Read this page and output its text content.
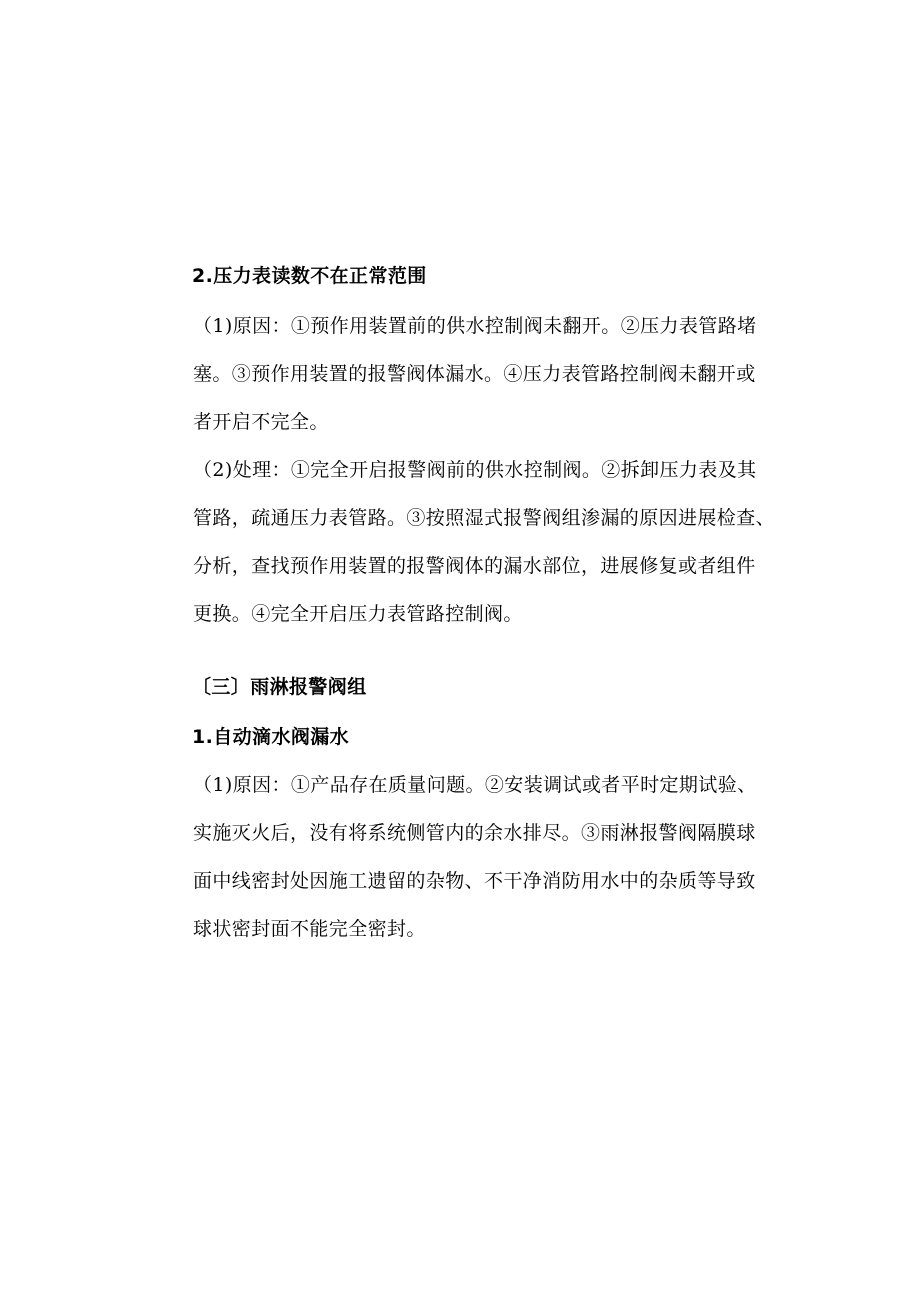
2.压力表读数不在正常范围

（1)原因：①预作用装置前的供水控制阀未翻开。②压力表管路堵
塞。③预作用装置的报警阀体漏水。④压力表管路控制阀未翻开或
者开启不完全。

（2)处理：①完全开启报警阀前的供水控制阀。②拆卸压力表及其
管路，疏通压力表管路。③按照湿式报警阀组渗漏的原因进展检查、
分析，查找预作用装置的报警阀体的漏水部位，进展修复或者组件
更换。④完全开启压力表管路控制阀。

〔三〕雨淋报警阀组

1.自动滴水阀漏水

（1)原因：①产品存在质量问题。②安装调试或者平时定期试验、
实施灭火后，没有将系统侧管内的余水排尽。③雨淋报警阀隔膜球
面中线密封处因施工遗留的杂物、不干净消防用水中的杂质等导致
球状密封面不能完全密封。
